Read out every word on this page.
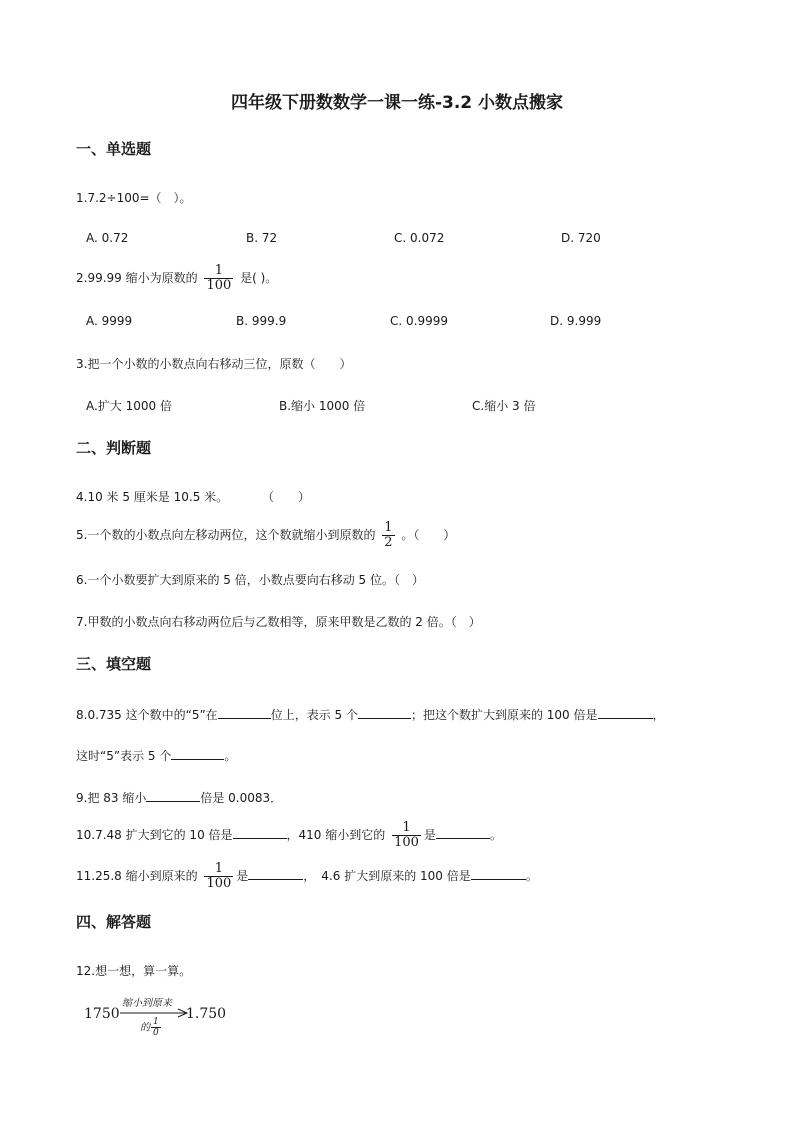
四年级下册数数学一课一练-3.2 小数点搬家
一、单选题
1.7.2÷100=（　）。
A. 0.72	B. 72	C. 0.072	D. 720
2.99.99 缩小为原数的 $\frac{1}{100}$ 是( )。
A. 9999	B. 999.9	C. 0.9999	D. 9.999
3.把一个小数的小数点向右移动三位，原数（　　）
A.扩大 1000 倍	B.缩小 1000 倍	C.缩小 3 倍
二、判断题
4.10 米 5 厘米是 10.5 米。	（　　）
5.一个数的小数点向左移动两位，这个数就缩小到原数的 $\frac{1}{2}$ 。（　　）
6.一个小数要扩大到原来的 5 倍，小数点要向右移动 5 位。（　）
7.甲数的小数点向右移动两位后与乙数相等，原来甲数是乙数的 2 倍。（　）
三、填空题
8.0.735 这个数中的“5”在	位上，表示 5 个	；把这个数扩大到原来的 100 倍是	，
这时“5”表示 5 个	。
9.把 83 缩小	倍是 0.0083．
10.7.48 扩大到它的 10 倍是	，410 缩小到它的 $\frac{1}{100}$ 是	。
11.25.8 缩小到原来的 $\frac{1}{100}$ 是	，　4.6 扩大到原来的 100 倍是	。
四、解答题
12.想一想，算一算。
1750
缩小到原来
的 $\frac{1}{0}$
1.750
